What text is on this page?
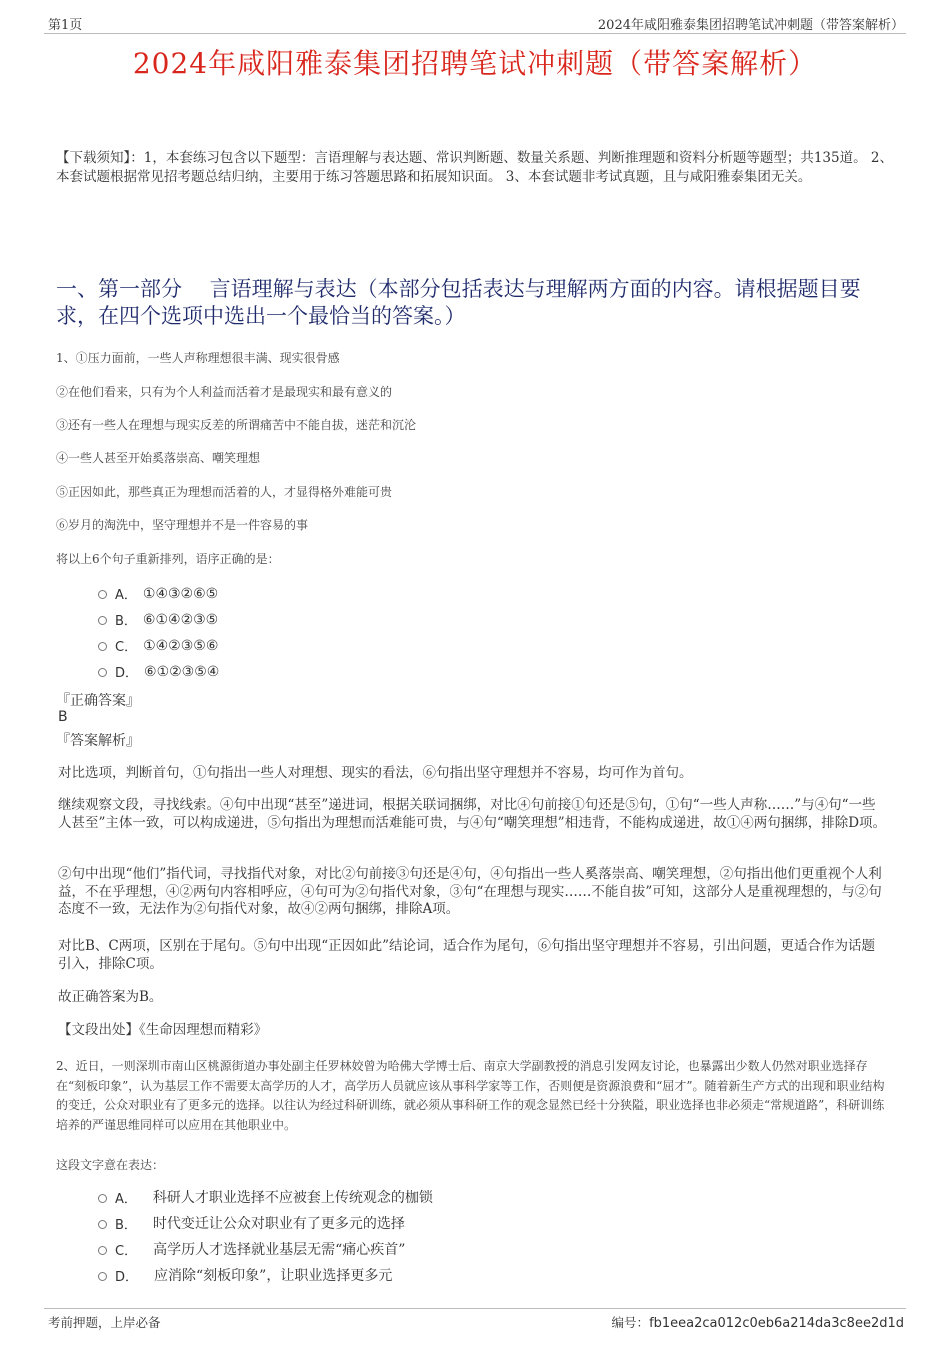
第1页	2024年咸阳雅泰集团招聘笔试冲刺题（带答案解析）
2024年咸阳雅泰集团招聘笔试冲刺题（带答案解析）
【下载须知】：1，本套练习包含以下题型：言语理解与表达题、常识判断题、数量关系题、判断推理题和资料分析题等题型；共135道。 2、本套试题根据常见招考题总结归纳，主要用于练习答题思路和拓展知识面。 3、本套试题非考试真题，且与咸阳雅泰集团无关。
一、第一部分　 言语理解与表达（本部分包括表达与理解两方面的内容。请根据题目要求，在四个选项中选出一个最恰当的答案。）
1、①压力面前，一些人声称理想很丰满、现实很骨感
②在他们看来，只有为个人利益而活着才是最现实和最有意义的
③还有一些人在理想与现实反差的所谓痛苦中不能自拔，迷茫和沉沦
④一些人甚至开始奚落崇高、嘲笑理想
⑤正因如此，那些真正为理想而活着的人，才显得格外难能可贵
⑥岁月的淘洗中，坚守理想并不是一件容易的事
将以上6个句子重新排列，语序正确的是：
A． ①④③②⑥⑤
B． ⑥①④②③⑤
C． ①④②③⑤⑥
D． ⑥①②③⑤④
『正确答案』
B
『答案解析』
对比选项，判断首句，①句指出一些人对理想、现实的看法，⑥句指出坚守理想并不容易，均可作为首句。
继续观察文段，寻找线索。④句中出现“甚至”递进词，根据关联词捆绑，对比④句前接①句还是⑤句，①句“一些人声称……”与④句“一些人甚至”主体一致，可以构成递进，⑤句指出为理想而活难能可贵，与④句“嘲笑理想”相违背，不能构成递进，故①④两句捆绑，排除D项。
②句中出现“他们”指代词，寻找指代对象，对比②句前接③句还是④句，④句指出一些人奚落崇高、嘲笑理想，②句指出他们更重视个人利益，不在乎理想，④②两句内容相呼应，④句可为②句指代对象，③句“在理想与现实……不能自拔”可知，这部分人是重视理想的，与②句态度不一致，无法作为②句指代对象，故④②两句捆绑，排除A项。
对比B、C两项，区别在于尾句。⑤句中出现“正因如此”结论词，适合作为尾句，⑥句指出坚守理想并不容易，引出问题，更适合作为话题引入，排除C项。
故正确答案为B。
【文段出处】《生命因理想而精彩》
2、近日，一则深圳市南山区桃源街道办事处副主任罗林姣曾为哈佛大学博士后、南京大学副教授的消息引发网友讨论，也暴露出少数人仍然对职业选择存在“刻板印象”，认为基层工作不需要太高学历的人才，高学历人员就应该从事科学家等工作，否则便是资源浪费和“屈才”。随着新生产方式的出现和职业结构的变迁，公众对职业有了更多元的选择。以往认为经过科研训练，就必须从事科研工作的观念显然已经十分狭隘，职业选择也非必须走“常规道路”，科研训练培养的严谨思维同样可以应用在其他职业中。
这段文字意在表达：
A． 科研人才职业选择不应被套上传统观念的枷锁
B． 时代变迁让公众对职业有了更多元的选择
C． 高学历人才选择就业基层无需“痛心疾首”
D． 应消除“刻板印象”，让职业选择更多元
考前押题，上岸必备	编号：fb1eea2ca012c0eb6a214da3c8ee2d1d
